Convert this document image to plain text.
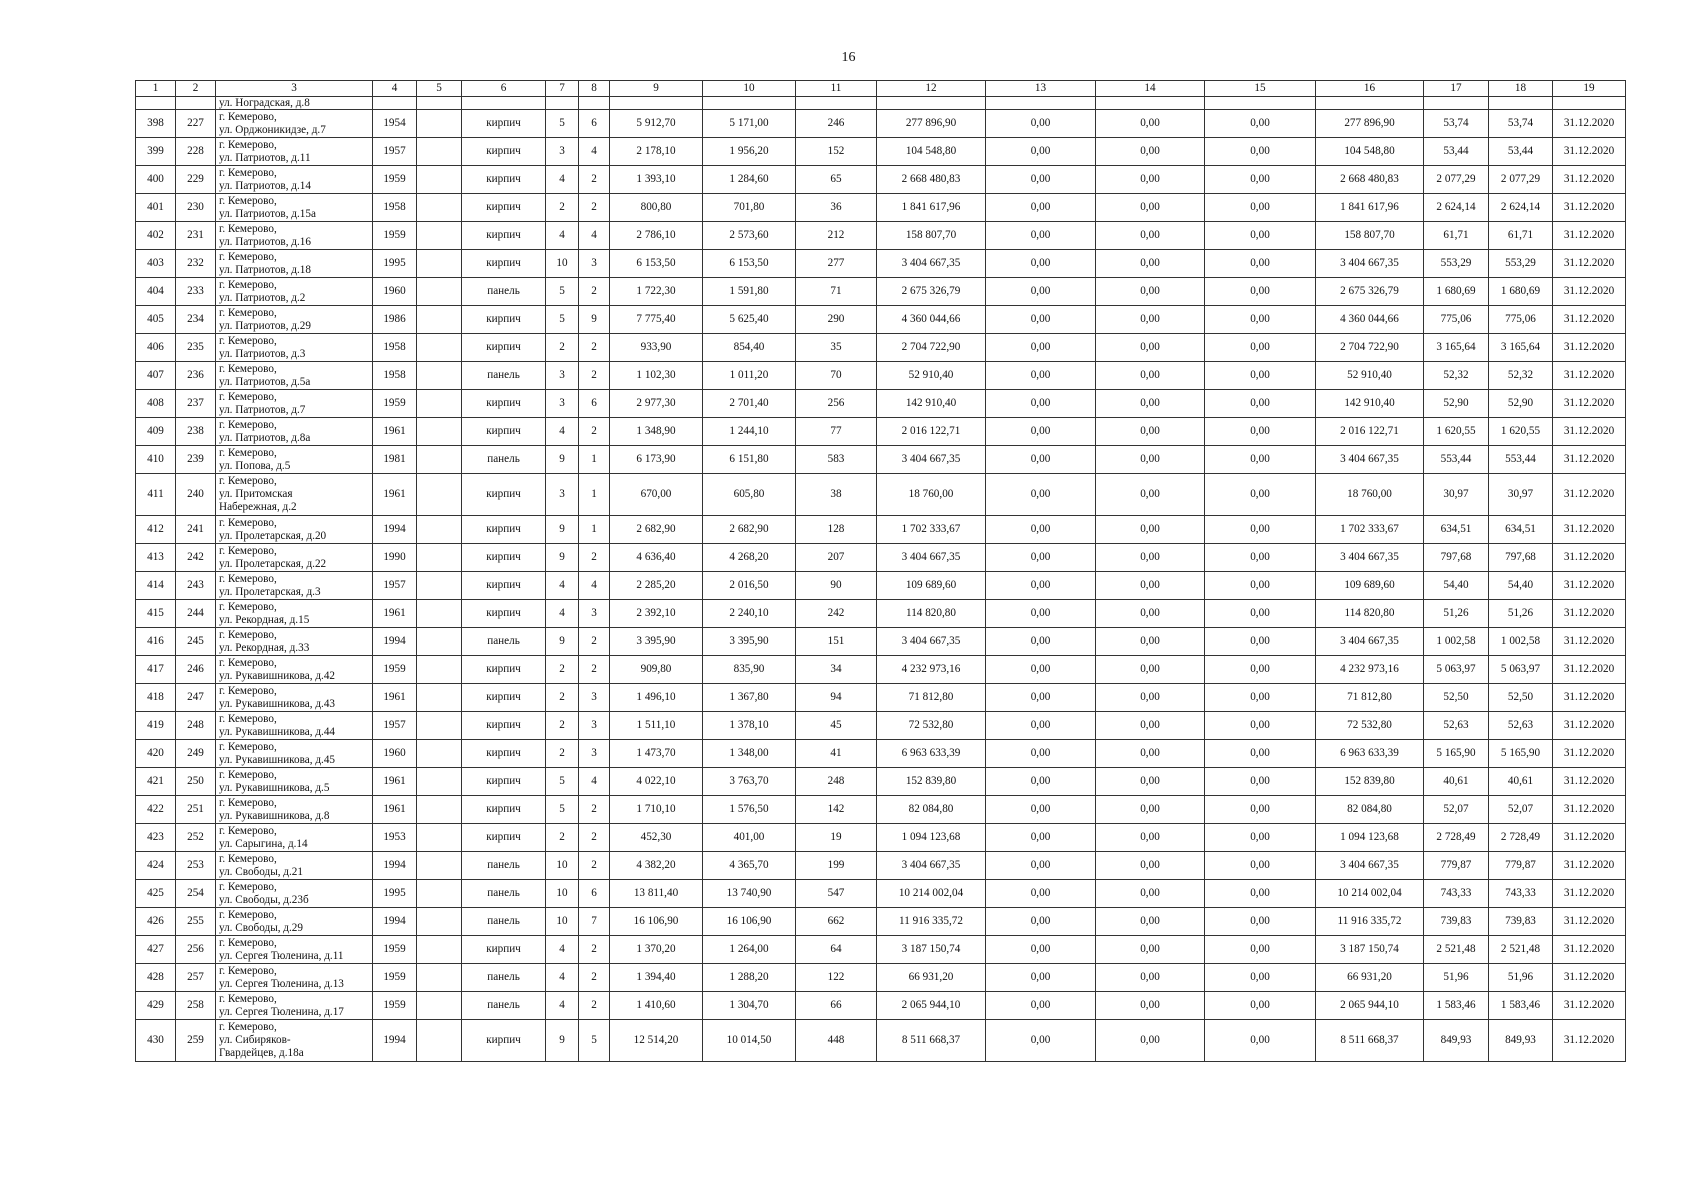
16
1	2	3	4	5	6	7	8	9	10	11	12	13	14	15	16	17	18	19
		ул. Ноградская, д.8																
398	227	г. Кемерово,
ул. Орджоникидзе, д.7	1954		кирпич	5	6	5 912,70	5 171,00	246	277 896,90	0,00	0,00	0,00	277 896,90	53,74	53,74	31.12.2020
399	228	г. Кемерово,
ул. Патриотов, д.11	1957		кирпич	3	4	2 178,10	1 956,20	152	104 548,80	0,00	0,00	0,00	104 548,80	53,44	53,44	31.12.2020
400	229	г. Кемерово,
ул. Патриотов, д.14	1959		кирпич	4	2	1 393,10	1 284,60	65	2 668 480,83	0,00	0,00	0,00	2 668 480,83	2 077,29	2 077,29	31.12.2020
401	230	г. Кемерово,
ул. Патриотов, д.15а	1958		кирпич	2	2	800,80	701,80	36	1 841 617,96	0,00	0,00	0,00	1 841 617,96	2 624,14	2 624,14	31.12.2020
402	231	г. Кемерово,
ул. Патриотов, д.16	1959		кирпич	4	4	2 786,10	2 573,60	212	158 807,70	0,00	0,00	0,00	158 807,70	61,71	61,71	31.12.2020
403	232	г. Кемерово,
ул. Патриотов, д.18	1995		кирпич	10	3	6 153,50	6 153,50	277	3 404 667,35	0,00	0,00	0,00	3 404 667,35	553,29	553,29	31.12.2020
404	233	г. Кемерово,
ул. Патриотов, д.2	1960		панель	5	2	1 722,30	1 591,80	71	2 675 326,79	0,00	0,00	0,00	2 675 326,79	1 680,69	1 680,69	31.12.2020
405	234	г. Кемерово,
ул. Патриотов, д.29	1986		кирпич	5	9	7 775,40	5 625,40	290	4 360 044,66	0,00	0,00	0,00	4 360 044,66	775,06	775,06	31.12.2020
406	235	г. Кемерово,
ул. Патриотов, д.3	1958		кирпич	2	2	933,90	854,40	35	2 704 722,90	0,00	0,00	0,00	2 704 722,90	3 165,64	3 165,64	31.12.2020
407	236	г. Кемерово,
ул. Патриотов, д.5а	1958		панель	3	2	1 102,30	1 011,20	70	52 910,40	0,00	0,00	0,00	52 910,40	52,32	52,32	31.12.2020
408	237	г. Кемерово,
ул. Патриотов, д.7	1959		кирпич	3	6	2 977,30	2 701,40	256	142 910,40	0,00	0,00	0,00	142 910,40	52,90	52,90	31.12.2020
409	238	г. Кемерово,
ул. Патриотов, д.8а	1961		кирпич	4	2	1 348,90	1 244,10	77	2 016 122,71	0,00	0,00	0,00	2 016 122,71	1 620,55	1 620,55	31.12.2020
410	239	г. Кемерово,
ул. Попова, д.5	1981		панель	9	1	6 173,90	6 151,80	583	3 404 667,35	0,00	0,00	0,00	3 404 667,35	553,44	553,44	31.12.2020
411	240	г. Кемерово,
ул. Притомская
Набережная, д.2	1961		кирпич	3	1	670,00	605,80	38	18 760,00	0,00	0,00	0,00	18 760,00	30,97	30,97	31.12.2020
412	241	г. Кемерово,
ул. Пролетарская, д.20	1994		кирпич	9	1	2 682,90	2 682,90	128	1 702 333,67	0,00	0,00	0,00	1 702 333,67	634,51	634,51	31.12.2020
413	242	г. Кемерово,
ул. Пролетарская, д.22	1990		кирпич	9	2	4 636,40	4 268,20	207	3 404 667,35	0,00	0,00	0,00	3 404 667,35	797,68	797,68	31.12.2020
414	243	г. Кемерово,
ул. Пролетарская, д.3	1957		кирпич	4	4	2 285,20	2 016,50	90	109 689,60	0,00	0,00	0,00	109 689,60	54,40	54,40	31.12.2020
415	244	г. Кемерово,
ул. Рекордная, д.15	1961		кирпич	4	3	2 392,10	2 240,10	242	114 820,80	0,00	0,00	0,00	114 820,80	51,26	51,26	31.12.2020
416	245	г. Кемерово,
ул. Рекордная, д.33	1994		панель	9	2	3 395,90	3 395,90	151	3 404 667,35	0,00	0,00	0,00	3 404 667,35	1 002,58	1 002,58	31.12.2020
417	246	г. Кемерово,
ул. Рукавишникова, д.42	1959		кирпич	2	2	909,80	835,90	34	4 232 973,16	0,00	0,00	0,00	4 232 973,16	5 063,97	5 063,97	31.12.2020
418	247	г. Кемерово,
ул. Рукавишникова, д.43	1961		кирпич	2	3	1 496,10	1 367,80	94	71 812,80	0,00	0,00	0,00	71 812,80	52,50	52,50	31.12.2020
419	248	г. Кемерово,
ул. Рукавишникова, д.44	1957		кирпич	2	3	1 511,10	1 378,10	45	72 532,80	0,00	0,00	0,00	72 532,80	52,63	52,63	31.12.2020
420	249	г. Кемерово,
ул. Рукавишникова, д.45	1960		кирпич	2	3	1 473,70	1 348,00	41	6 963 633,39	0,00	0,00	0,00	6 963 633,39	5 165,90	5 165,90	31.12.2020
421	250	г. Кемерово,
ул. Рукавишникова, д.5	1961		кирпич	5	4	4 022,10	3 763,70	248	152 839,80	0,00	0,00	0,00	152 839,80	40,61	40,61	31.12.2020
422	251	г. Кемерово,
ул. Рукавишникова, д.8	1961		кирпич	5	2	1 710,10	1 576,50	142	82 084,80	0,00	0,00	0,00	82 084,80	52,07	52,07	31.12.2020
423	252	г. Кемерово,
ул. Сарыгина, д.14	1953		кирпич	2	2	452,30	401,00	19	1 094 123,68	0,00	0,00	0,00	1 094 123,68	2 728,49	2 728,49	31.12.2020
424	253	г. Кемерово,
ул. Свободы, д.21	1994		панель	10	2	4 382,20	4 365,70	199	3 404 667,35	0,00	0,00	0,00	3 404 667,35	779,87	779,87	31.12.2020
425	254	г. Кемерово,
ул. Свободы, д.23б	1995		панель	10	6	13 811,40	13 740,90	547	10 214 002,04	0,00	0,00	0,00	10 214 002,04	743,33	743,33	31.12.2020
426	255	г. Кемерово,
ул. Свободы, д.29	1994		панель	10	7	16 106,90	16 106,90	662	11 916 335,72	0,00	0,00	0,00	11 916 335,72	739,83	739,83	31.12.2020
427	256	г. Кемерово,
ул. Сергея Тюленина, д.11	1959		кирпич	4	2	1 370,20	1 264,00	64	3 187 150,74	0,00	0,00	0,00	3 187 150,74	2 521,48	2 521,48	31.12.2020
428	257	г. Кемерово,
ул. Сергея Тюленина, д.13	1959		панель	4	2	1 394,40	1 288,20	122	66 931,20	0,00	0,00	0,00	66 931,20	51,96	51,96	31.12.2020
429	258	г. Кемерово,
ул. Сергея Тюленина, д.17	1959		панель	4	2	1 410,60	1 304,70	66	2 065 944,10	0,00	0,00	0,00	2 065 944,10	1 583,46	1 583,46	31.12.2020
430	259	г. Кемерово,
ул. Сибиряков-
Гвардейцев, д.18а	1994		кирпич	9	5	12 514,20	10 014,50	448	8 511 668,37	0,00	0,00	0,00	8 511 668,37	849,93	849,93	31.12.2020
